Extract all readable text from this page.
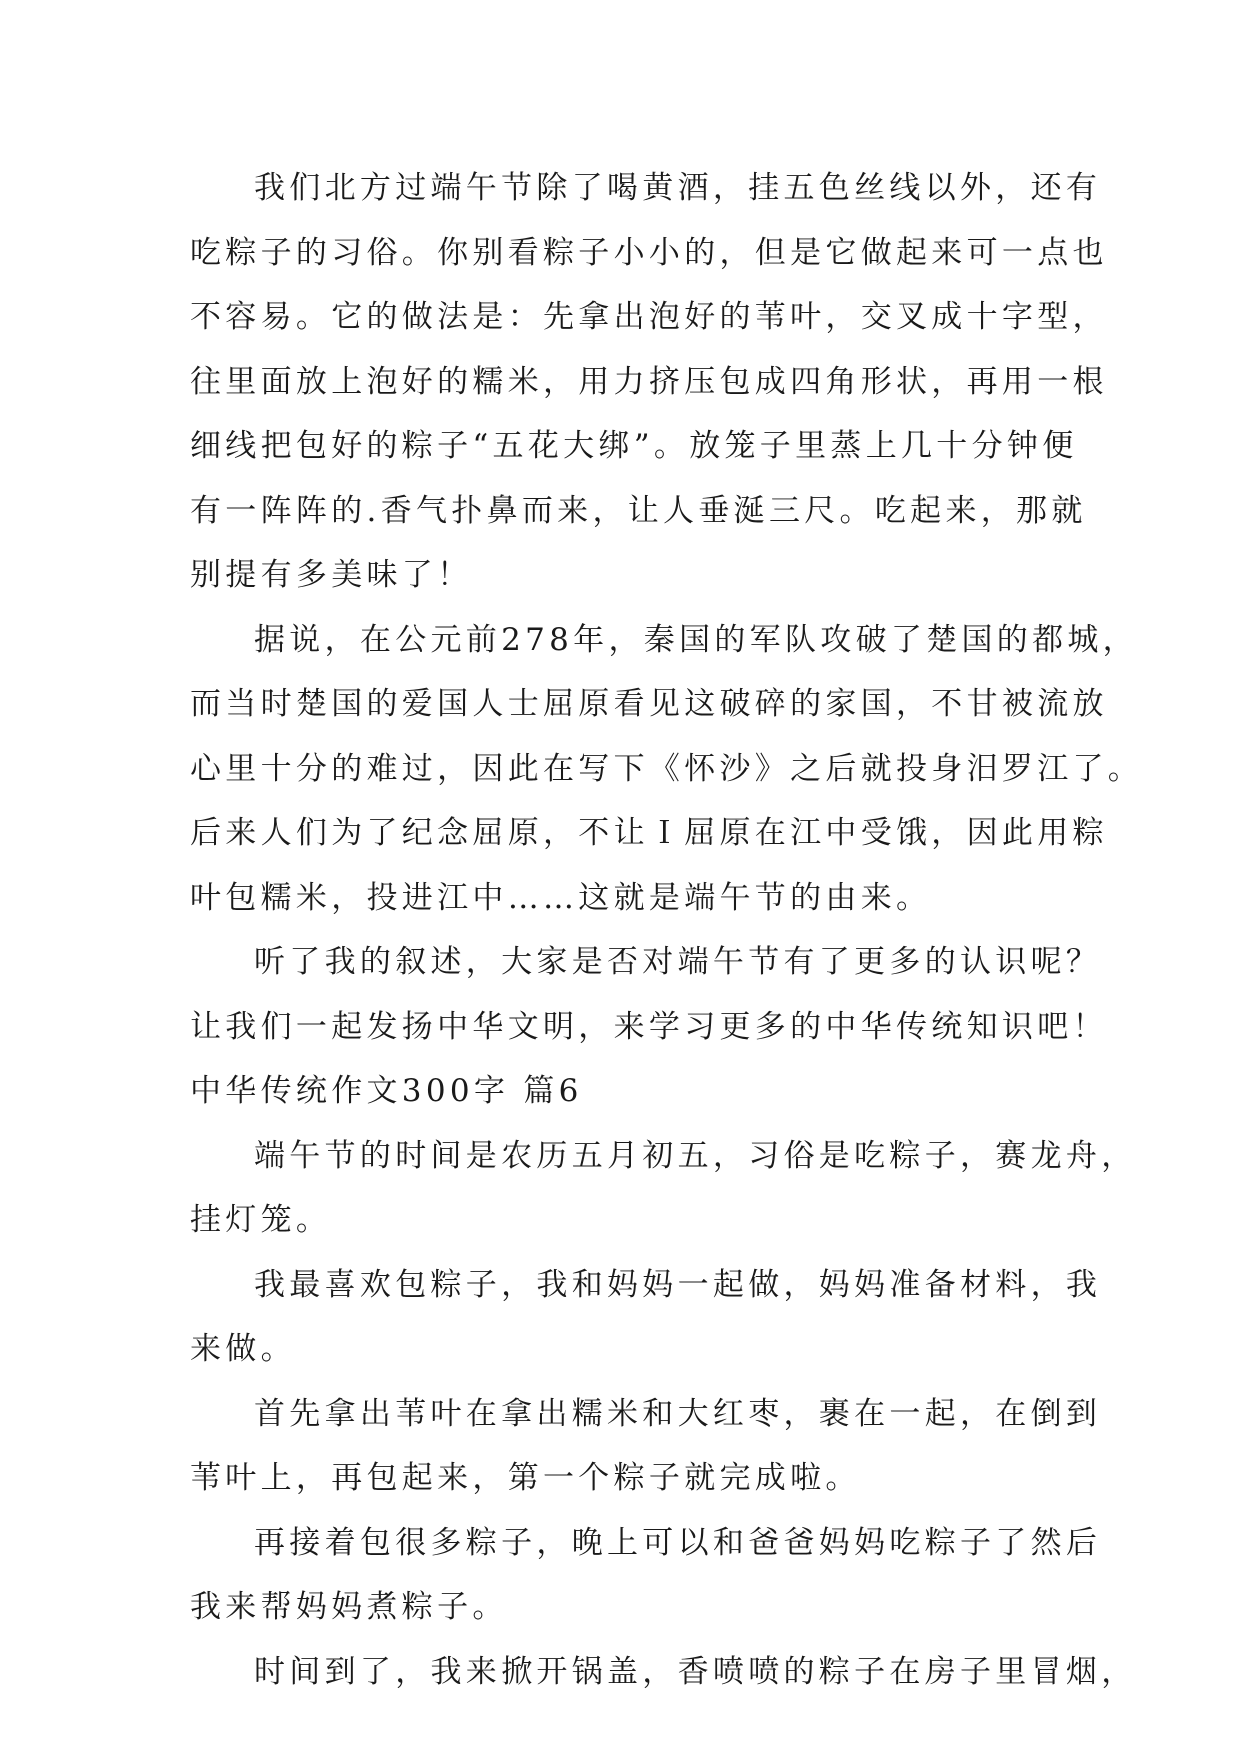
我们北方过端午节除了喝黄酒，挂五色丝线以外，还有
吃粽子的习俗。你别看粽子小小的，但是它做起来可一点也
不容易。它的做法是：先拿出泡好的苇叶，交叉成十字型，
往里面放上泡好的糯米，用力挤压包成四角形状，再用一根
细线把包好的粽子“五花大绑”。放笼子里蒸上几十分钟便
有一阵阵的.香气扑鼻而来，让人垂涎三尺。吃起来，那就
别提有多美味了！
据说，在公元前278年，秦国的军队攻破了楚国的都城，
而当时楚国的爱国人士屈原看见这破碎的家国，不甘被流放
心里十分的难过，因此在写下《怀沙》之后就投身汨罗江了。
后来人们为了纪念屈原，不让Ｉ屈原在江中受饿，因此用粽
叶包糯米，投进江中……这就是端午节的由来。
听了我的叙述，大家是否对端午节有了更多的认识呢？
让我们一起发扬中华文明，来学习更多的中华传统知识吧！
中华传统作文300字 篇6
端午节的时间是农历五月初五，习俗是吃粽子，赛龙舟，
挂灯笼。
我最喜欢包粽子，我和妈妈一起做，妈妈准备材料，我
来做。
首先拿出苇叶在拿出糯米和大红枣，裹在一起，在倒到
苇叶上，再包起来，第一个粽子就完成啦。
再接着包很多粽子，晚上可以和爸爸妈妈吃粽子了然后
我来帮妈妈煮粽子。
时间到了，我来掀开锅盖，香喷喷的粽子在房子里冒烟，
